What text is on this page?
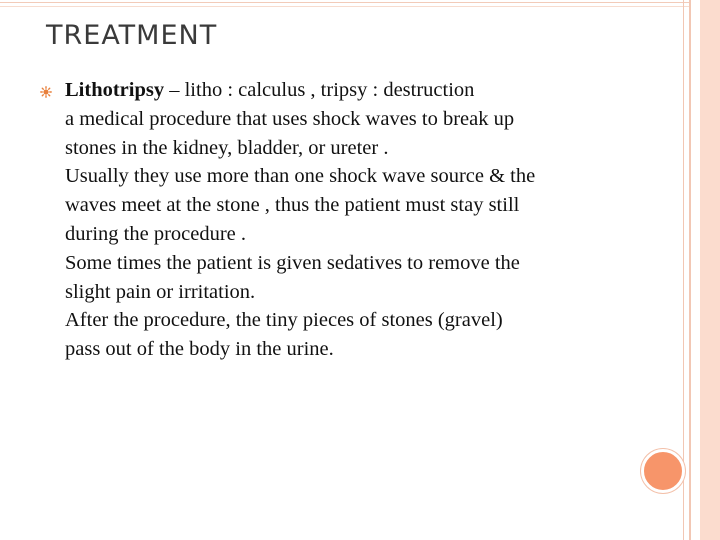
TREATMENT

Lithotripsy – litho : calculus , tripsy : destruction

a medical procedure that uses shock waves to break up

stones in the kidney, bladder, or ureter .

Usually they use more than one shock wave source & the

waves meet at the stone , thus the patient must stay still

during the procedure .

Some times the patient is given sedatives to remove the

slight pain or irritation.

After the procedure, the tiny pieces of stones (gravel)

pass out of the body in the urine.
